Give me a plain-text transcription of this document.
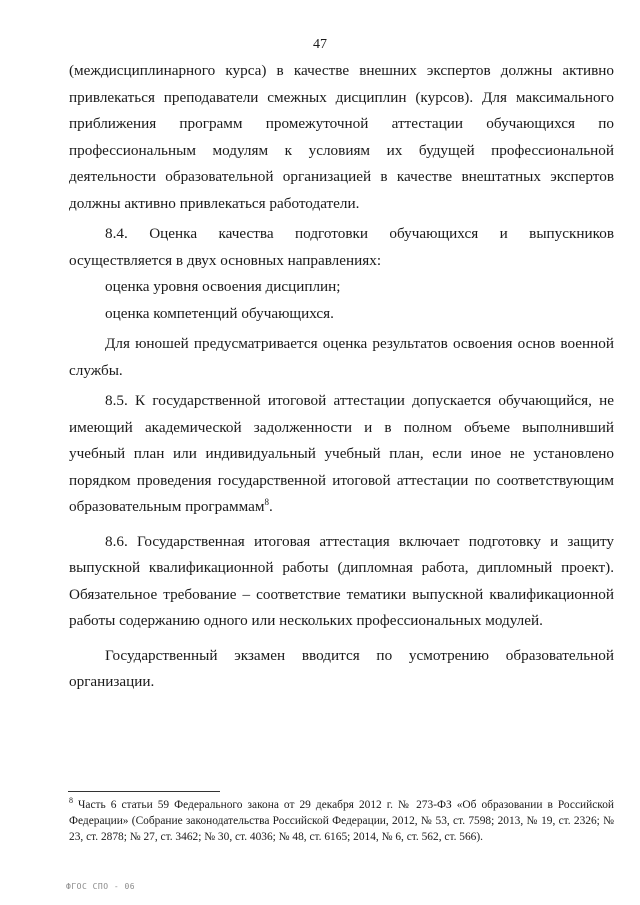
47

(междисциплинарного курса) в качестве внешних экспертов должны активно привлекаться преподаватели смежных дисциплин (курсов). Для максимального приближения программ промежуточной аттестации обучающихся по профессиональным модулям к условиям их будущей профессиональной деятельности образовательной организацией в качестве внештатных экспертов должны активно привлекаться работодатели.

8.4. Оценка качества подготовки обучающихся и выпускников осуществляется в двух основных направлениях:

оценка уровня освоения дисциплин;

оценка компетенций обучающихся.

Для юношей предусматривается оценка результатов освоения основ военной службы.

8.5. К государственной итоговой аттестации допускается обучающийся, не имеющий академической задолженности и в полном объеме выполнивший учебный план или индивидуальный учебный план, если иное не установлено порядком проведения государственной итоговой аттестации по соответствующим образовательным программам$^8$.

8.6. Государственная итоговая аттестация включает подготовку и защиту выпускной квалификационной работы (дипломная работа, дипломный проект). Обязательное требование – соответствие тематики выпускной квалификационной работы содержанию одного или нескольких профессиональных модулей.

Государственный экзамен вводится по усмотрению образовательной организации.

$^8$ Часть 6 статьи 59 Федерального закона от 29 декабря 2012 г. № 273-ФЗ «Об образовании в Российской Федерации» (Собрание законодательства Российской Федерации, 2012, № 53, ст. 7598; 2013, № 19, ст. 2326; № 23, ст. 2878; № 27, ст. 3462; № 30, ст. 4036; № 48, ст. 6165; 2014, № 6, ст. 562, ст. 566).
ФГОС СПО - 06
